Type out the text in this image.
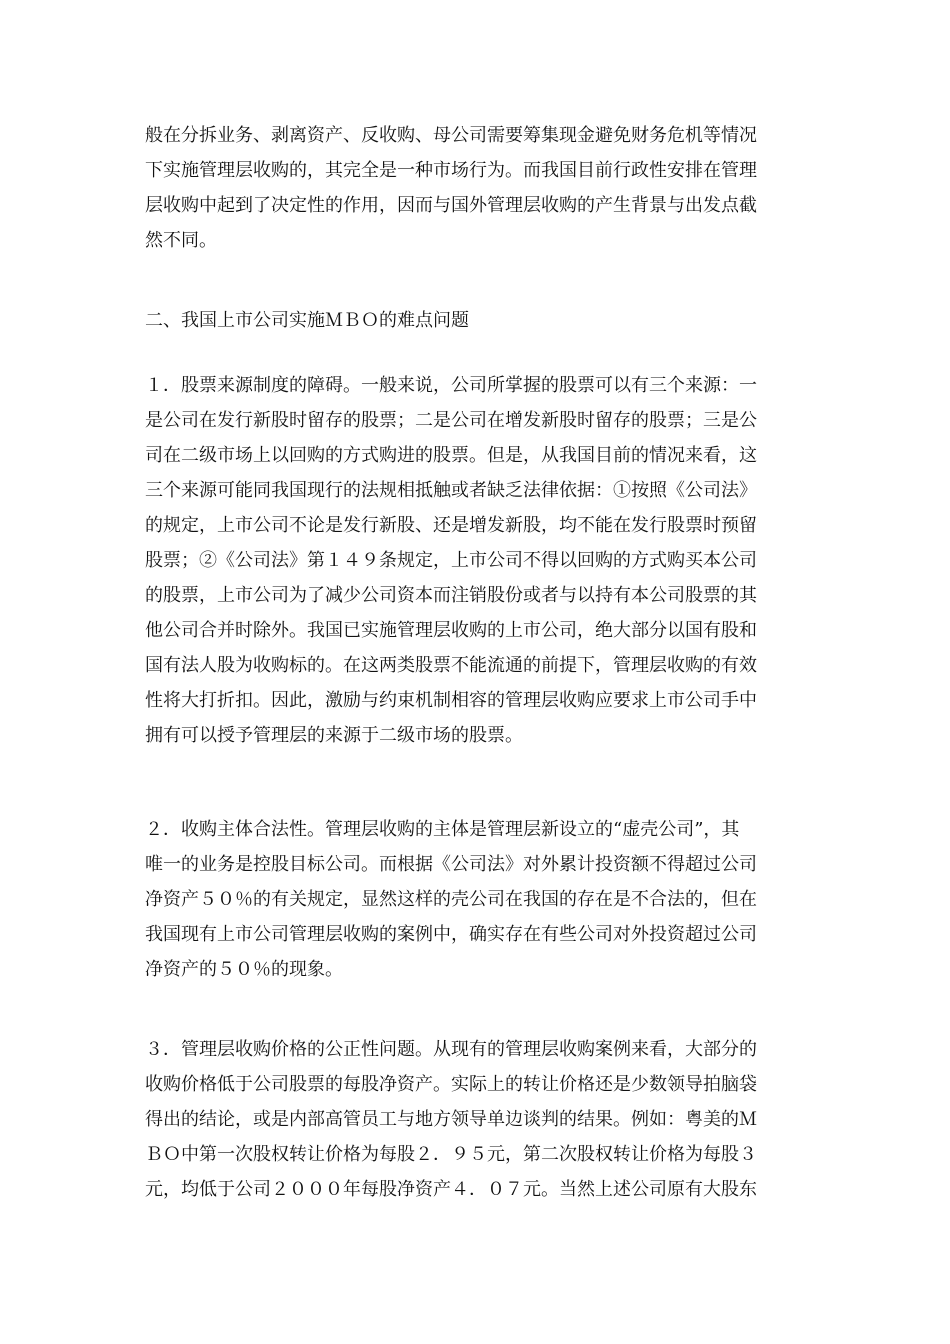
般在分拆业务、剥离资产、反收购、母公司需要筹集现金避免财务危机等情况
下实施管理层收购的，其完全是一种市场行为。而我国目前行政性安排在管理
层收购中起到了决定性的作用，因而与国外管理层收购的产生背景与出发点截
然不同。
二、我国上市公司实施ＭＢＯ的难点问题
１．股票来源制度的障碍。一般来说，公司所掌握的股票可以有三个来源：一
是公司在发行新股时留存的股票；二是公司在增发新股时留存的股票；三是公
司在二级市场上以回购的方式购进的股票。但是，从我国目前的情况来看，这
三个来源可能同我国现行的法规相抵触或者缺乏法律依据：①按照《公司法》
的规定，上市公司不论是发行新股、还是增发新股，均不能在发行股票时预留
股票；②《公司法》第１４９条规定，上市公司不得以回购的方式购买本公司
的股票，上市公司为了减少公司资本而注销股份或者与以持有本公司股票的其
他公司合并时除外。我国已实施管理层收购的上市公司，绝大部分以国有股和
国有法人股为收购标的。在这两类股票不能流通的前提下，管理层收购的有效
性将大打折扣。因此，激励与约束机制相容的管理层收购应要求上市公司手中
拥有可以授予管理层的来源于二级市场的股票。
２．收购主体合法性。管理层收购的主体是管理层新设立的“虚壳公司”，其
唯一的业务是控股目标公司。而根据《公司法》对外累计投资额不得超过公司
净资产５０％的有关规定，显然这样的壳公司在我国的存在是不合法的，但在
我国现有上市公司管理层收购的案例中，确实存在有些公司对外投资超过公司
净资产的５０％的现象。
３．管理层收购价格的公正性问题。从现有的管理层收购案例来看，大部分的
收购价格低于公司股票的每股净资产。实际上的转让价格还是少数领导拍脑袋
得出的结论，或是内部高管员工与地方领导单边谈判的结果。例如：粤美的Ｍ
ＢＯ中第一次股权转让价格为每股２．９５元，第二次股权转让价格为每股３
元，均低于公司２０００年每股净资产４．０７元。当然上述公司原有大股东
